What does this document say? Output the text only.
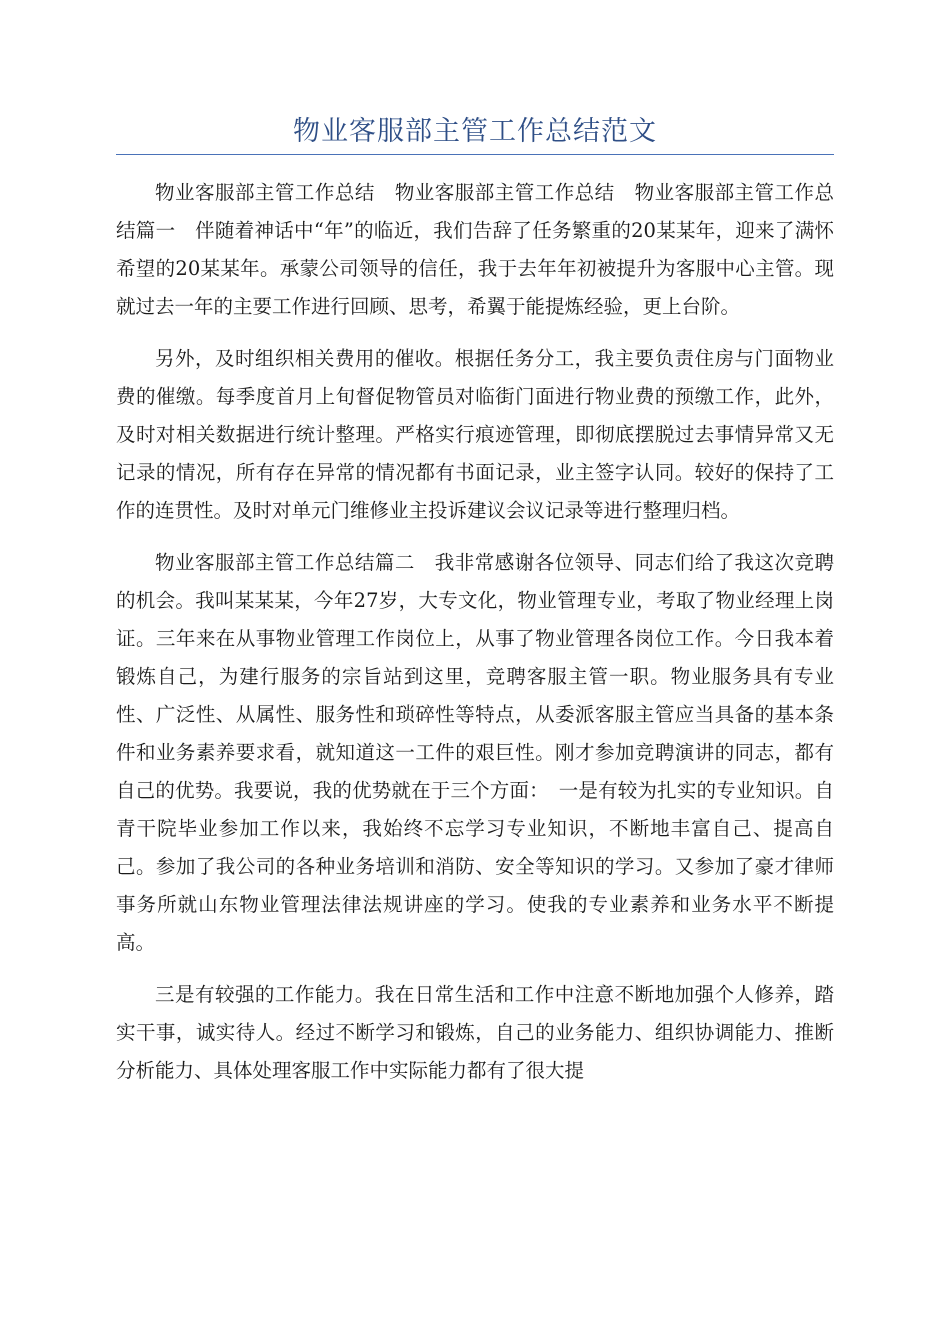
物业客服部主管工作总结范文

物业客服部主管工作总结　物业客服部主管工作总结　物业客服部主管工作总结篇一　伴随着神话中“年”的临近，我们告辞了任务繁重的20某某年，迎来了满怀希望的20某某年。承蒙公司领导的信任，我于去年年初被提升为客服中心主管。现就过去一年的主要工作进行回顾、思考，希翼于能提炼经验，更上台阶。

另外，及时组织相关费用的催收。根据任务分工，我主要负责住房与门面物业费的催缴。每季度首月上旬督促物管员对临街门面进行物业费的预缴工作，此外，及时对相关数据进行统计整理。严格实行痕迹管理，即彻底摆脱过去事情异常又无记录的情况，所有存在异常的情况都有书面记录，业主签字认同。较好的保持了工作的连贯性。及时对单元门维修业主投诉建议会议记录等进行整理归档。

物业客服部主管工作总结篇二　我非常感谢各位领导、同志们给了我这次竞聘的机会。我叫某某某，今年27岁，大专文化，物业管理专业，考取了物业经理上岗证。三年来在从事物业管理工作岗位上，从事了物业管理各岗位工作。今日我本着锻炼自己，为建行服务的宗旨站到这里，竞聘客服主管一职。物业服务具有专业性、广泛性、从属性、服务性和琐碎性等特点，从委派客服主管应当具备的基本条件和业务素养要求看，就知道这一工件的艰巨性。刚才参加竞聘演讲的同志，都有自己的优势。我要说，我的优势就在于三个方面：　一是有较为扎实的专业知识。自青干院毕业参加工作以来，我始终不忘学习专业知识，不断地丰富自己、提高自己。参加了我公司的各种业务培训和消防、安全等知识的学习。又参加了豪才律师事务所就山东物业管理法律法规讲座的学习。使我的专业素养和业务水平不断提高。

三是有较强的工作能力。我在日常生活和工作中注意不断地加强个人修养，踏实干事，诚实待人。经过不断学习和锻炼，自己的业务能力、组织协调能力、推断分析能力、具体处理客服工作中实际能力都有了很大提
